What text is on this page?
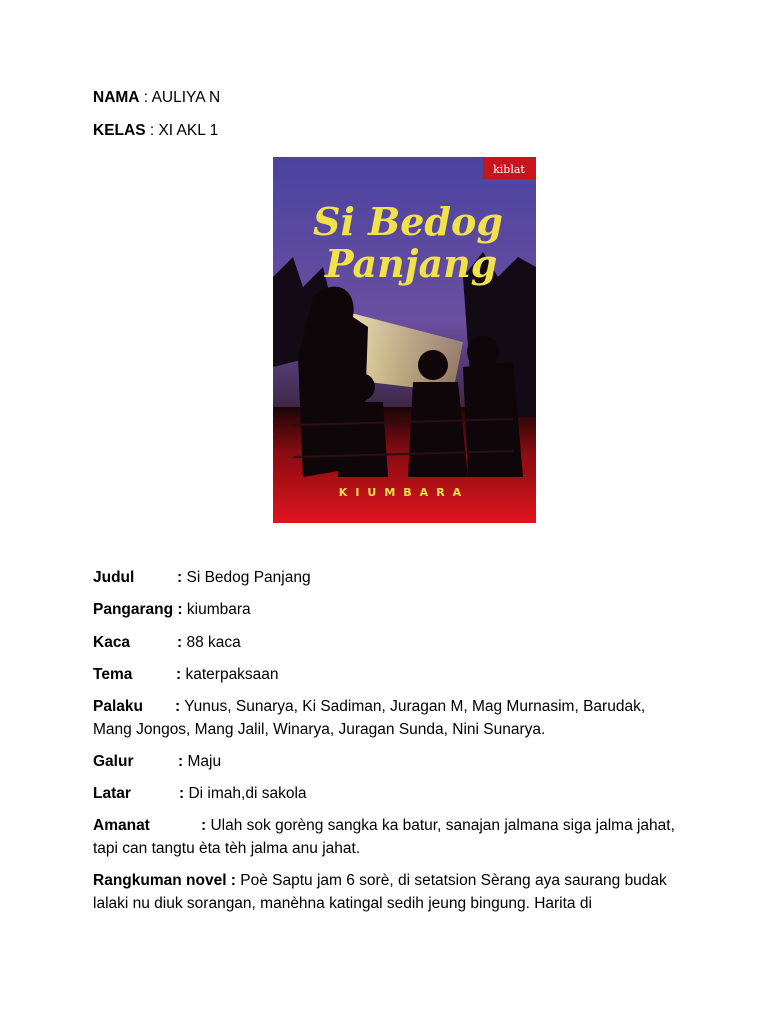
NAMA : AULIYA N
KELAS : XI AKL 1
kiblat
Si Bedog
Panjang
KIUMBARA
Judul	: Si Bedog Panjang
Pangarang : kiumbara
Kaca	: 88 kaca
Tema	: katerpaksaan
Palaku : Yunus, Sunarya, Ki Sadiman, Juragan M, Mag Murnasim, Barudak, Mang Jongos, Mang Jalil, Winarya, Juragan Sunda, Nini Sunarya.
Galur	: Maju
Latar	: Di imah,di sakola
Amanat	: Ulah sok gorèng sangka ka batur, sanajan jalmana siga jalma jahat, tapi can tangtu èta tèh jalma anu jahat.
Rangkuman novel : Poè Saptu jam 6 sorè, di setatsion Sèrang aya saurang budak lalaki nu diuk sorangan, manèhna katingal sedih jeung bingung. Harita di
